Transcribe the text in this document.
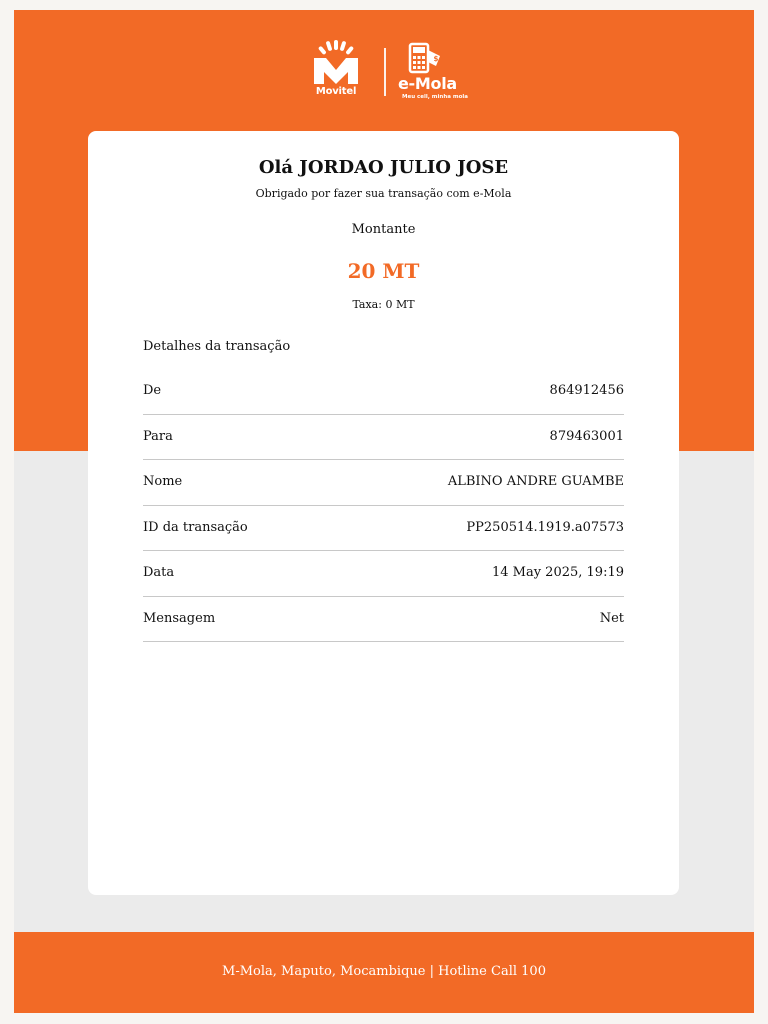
Movitel
$
e-Mola
Meu cell, minha mola
Olá JORDAO JULIO JOSE
Obrigado por fazer sua transação com e-Mola
Montante
20 MT
Taxa: 0 MT
Detalhes da transação
De	864912456
Para	879463001
Nome	ALBINO ANDRE GUAMBE
ID da transação	PP250514.1919.a07573
Data	14 May 2025, 19:19
Mensagem	Net
M-Mola, Maputo, Mocambique | Hotline Call 100
